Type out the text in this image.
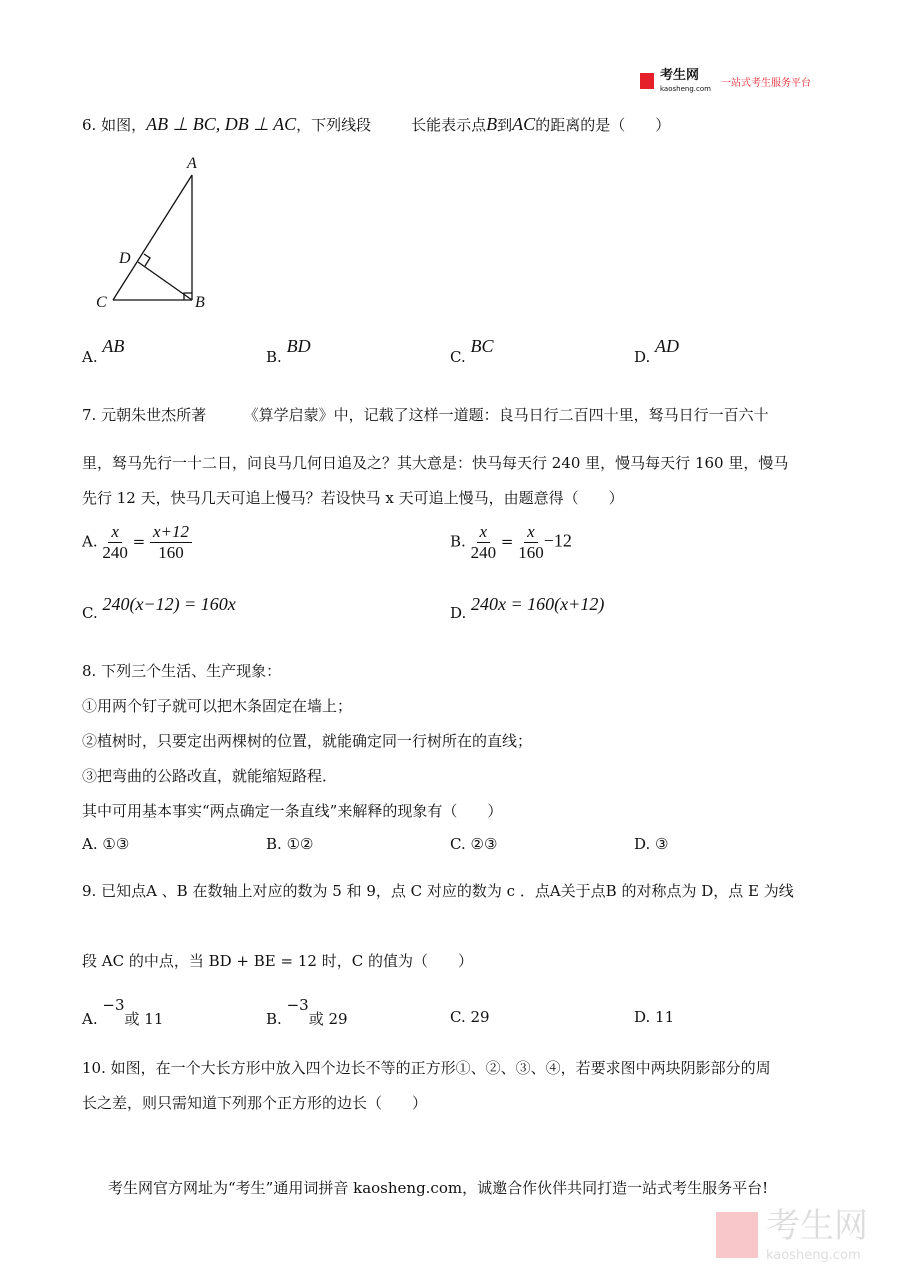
考生网
kaosheng.com
一站式考生服务平台
6. 如图，AB ⊥ BC, DB ⊥ AC，下列线段	长能表示点B到AC的距离的是（　　）
A
D
C	B
A. AB
B. BD
C. BC
D. AD
7. 元朝朱世杰所著　　　《算学启蒙》中，记载了这样一道题：良马日行二百四十里，驽马日行一百六十
里，驽马先行一十二日，问良马几何日追及之？其大意是：快马每天行 240 里，慢马每天行 160 里，慢马
先行 12 天，快马几天可追上慢马？若设快马 x 天可追上慢马，由题意得（　　）
A. $\frac{x}{240} = \frac{x+12}{160}$	B. $\frac{x}{240} = \frac{x}{160} -12$
C. 240(x−12) = 160x	D. 240x = 160(x+12)
8. 下列三个生活、生产现象：
①用两个钉子就可以把木条固定在墙上；
②植树时，只要定出两棵树的位置，就能确定同一行树所在的直线；
③把弯曲的公路改直，就能缩短路程．
其中可用基本事实“两点确定一条直线”来解释的现象有（　　）
A. ①③	B. ①②	C. ②③	D. ③
9. 已知点A 、B 在数轴上对应的数为 5 和 9，点 C 对应的数为 c ．点A关于点B 的对称点为 D，点 E 为线
段 AC 的中点，当 BD + BE = 12 时，C 的值为（　　）
A. −3或 11	B. −3或 29	C. 29	D. 11
10. 如图，在一个大长方形中放入四个边长不等的正方形①、②、③、④，若要求图中两块阴影部分的周
长之差，则只需知道下列那个正方形的边长（　　）
考生网官方网址为“考生”通用词拼音 kaosheng.com，诚邀合作伙伴共同打造一站式考生服务平台!
考生网
kaosheng.com
